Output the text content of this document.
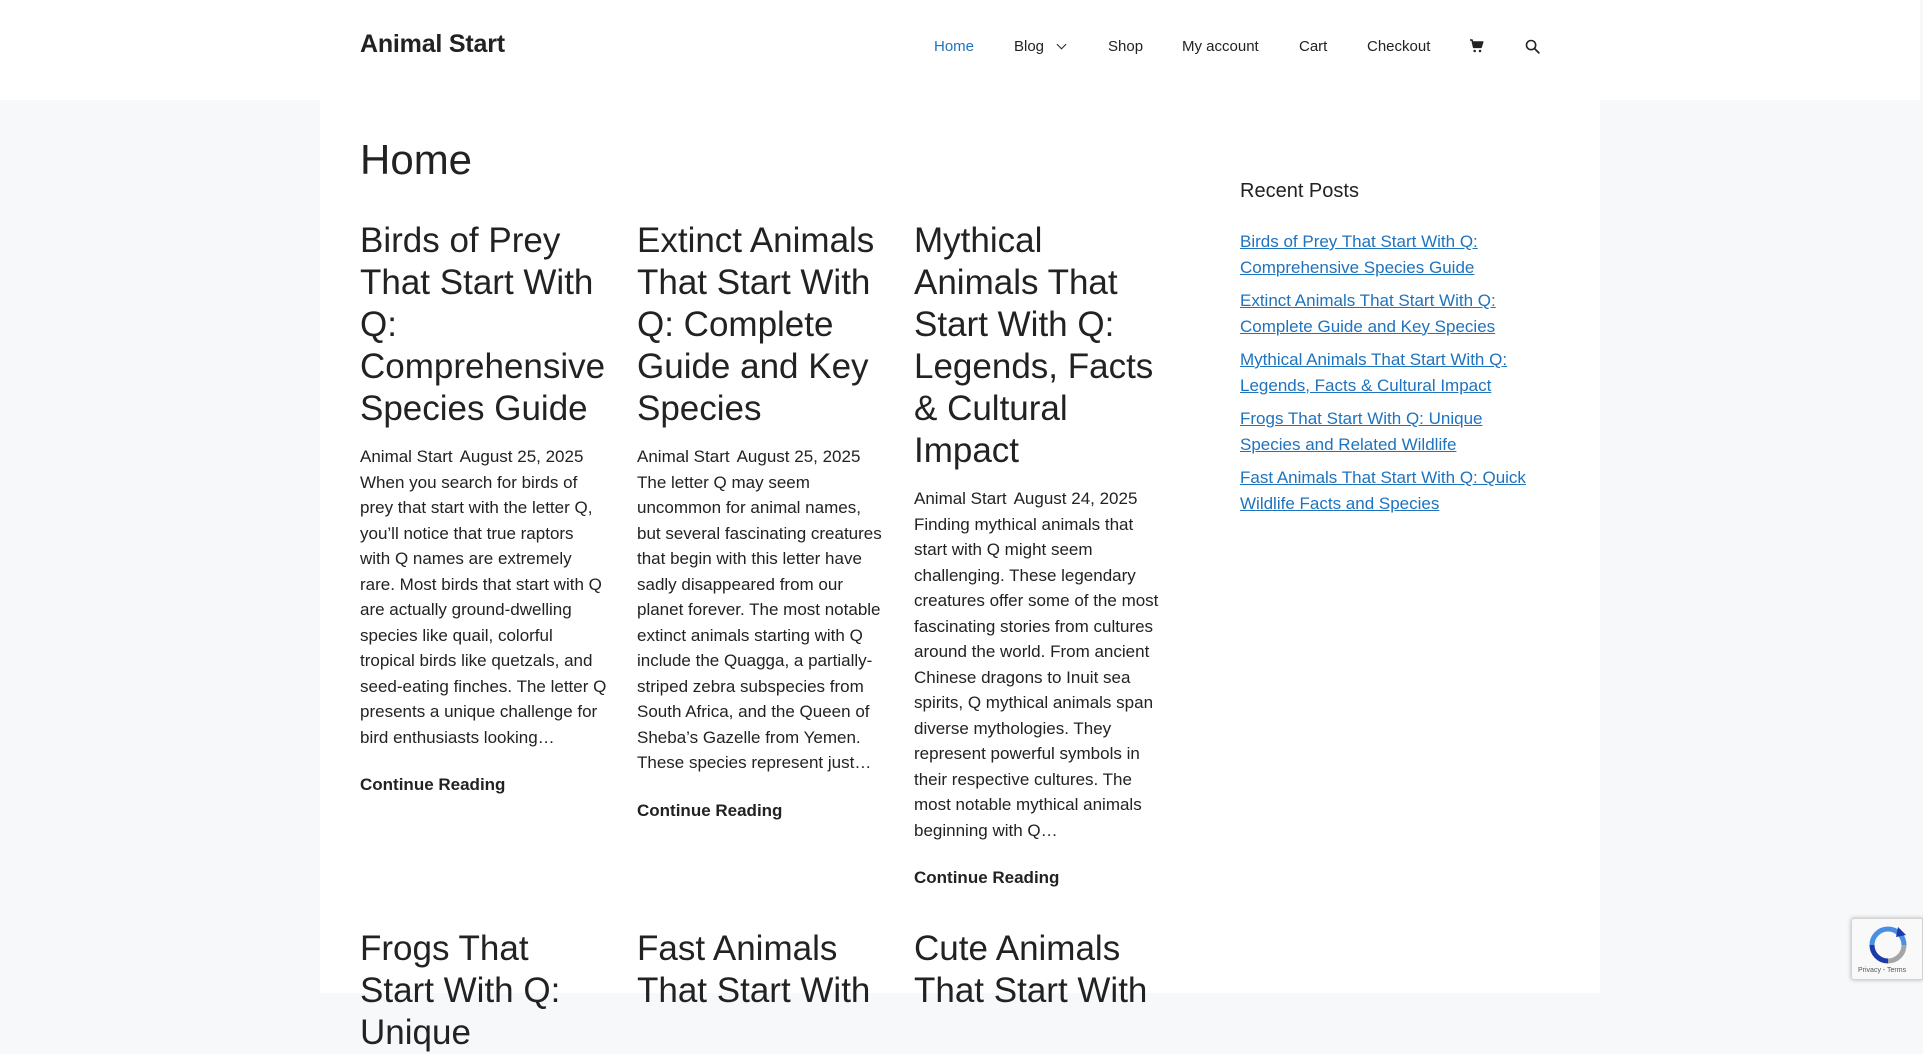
Animal Start	Home	Blog	Shop	My account	Cart	Checkout
Home
Birds of Prey That Start With Q: Comprehensive Species Guide
Animal Start August 25, 2025

When you search for birds of prey that start with the letter Q, you’ll notice that true raptors with Q names are extremely rare. Most birds that start with Q are actually ground-dwelling species like quail, colorful tropical birds like quetzals, and seed-eating finches. The letter Q presents a unique challenge for bird enthusiasts looking…

Continue Reading
Extinct Animals That Start With Q: Complete Guide and Key Species
Animal Start August 25, 2025

The letter Q may seem uncommon for animal names, but several fascinating creatures that begin with this letter have sadly disappeared from our planet forever. The most notable extinct animals starting with Q include the Quagga, a partially-striped zebra subspecies from South Africa, and the Queen of Sheba’s Gazelle from Yemen. These species represent just…

Continue Reading
Mythical Animals That Start With Q: Legends, Facts & Cultural Impact
Animal Start August 24, 2025

Finding mythical animals that start with Q might seem challenging. These legendary creatures offer some of the most fascinating stories from cultures around the world. From ancient Chinese dragons to Inuit sea spirits, Q mythical animals span diverse mythologies. They represent powerful symbols in their respective cultures. The most notable mythical animals beginning with Q…

Continue Reading
Frogs That Start With Q: Unique
Fast Animals That Start With
Cute Animals That Start With
Recent Posts
Birds of Prey That Start With Q: Comprehensive Species Guide
Extinct Animals That Start With Q: Complete Guide and Key Species
Mythical Animals That Start With Q: Legends, Facts & Cultural Impact
Frogs That Start With Q: Unique Species and Related Wildlife
Fast Animals That Start With Q: Quick Wildlife Facts and Species
Privacy - Terms
